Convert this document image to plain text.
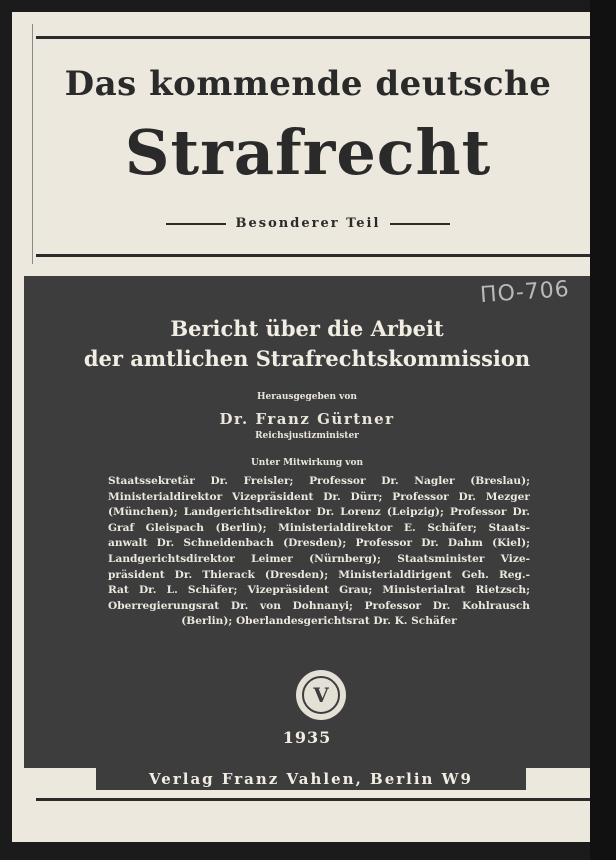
Das kommende deutsche
Strafrecht
Besonderer Teil
ПО-706
Bericht über die Arbeit
der amtlichen Strafrechtskommission
Herausgegeben von
Dr. Franz Gürtner
Reichsjustizminister
Unter Mitwirkung von
Staatssekretär Dr. Freisler; Professor Dr. Nagler (Breslau);
Ministerialdirektor Vizepräsident Dr. Dürr; Professor Dr. Mezger
(München); Landgerichtsdirektor Dr. Lorenz (Leipzig); Professor Dr.
Graf Gleispach (Berlin); Ministerialdirektor E. Schäfer; Staats-
anwalt Dr. Schneidenbach (Dresden); Professor Dr. Dahm (Kiel);
Landgerichtsdirektor Leimer (Nürnberg); Staatsminister Vize-
präsident Dr. Thierack (Dresden); Ministerialdirigent Geh. Reg.-
Rat Dr. L. Schäfer; Vizepräsident Grau; Ministerialrat Rietzsch;
Oberregierungsrat Dr. von Dohnanyi; Professor Dr. Kohlrausch
(Berlin); Oberlandesgerichtsrat Dr. K. Schäfer
V
1935
Verlag Franz Vahlen, Berlin W9
